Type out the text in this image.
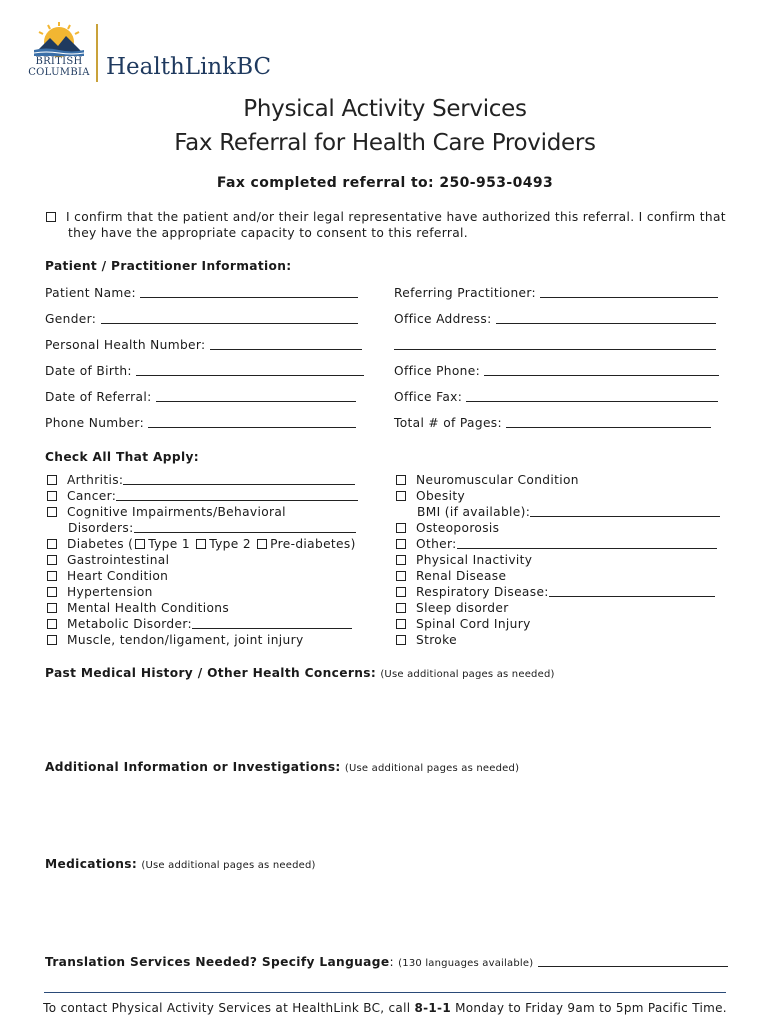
BRITISH
COLUMBIA HealthLinkBC
Physical Activity Services
Fax Referral for Health Care Providers
Fax completed referral to: 250-953-0493
I confirm that the patient and/or their legal representative have authorized this referral. I confirm that
they have the appropriate capacity to consent to this referral.
Patient / Practitioner Information:
Patient Name:
Gender:
Personal Health Number:
Date of Birth:
Date of Referral:
Phone Number:
Referring Practitioner:
Office Address:
Office Phone:
Office Fax:
Total # of Pages:
Check All That Apply:
Arthritis:
Cancer:
Cognitive Impairments/Behavioral
Disorders:
Diabetes ( Type 1 Type 2 Pre-diabetes)
Gastrointestinal
Heart Condition
Hypertension
Mental Health Conditions
Metabolic Disorder:
Muscle, tendon/ligament, joint injury
Neuromuscular Condition
Obesity
BMI (if available):
Osteoporosis
Other:
Physical Inactivity
Renal Disease
Respiratory Disease:
Sleep disorder
Spinal Cord Injury
Stroke
Past Medical History / Other Health Concerns: (Use additional pages as needed)
Additional Information or Investigations: (Use additional pages as needed)
Medications: (Use additional pages as needed)
Translation Services Needed? Specify Language: (130 languages available)
To contact Physical Activity Services at HealthLink BC, call 8-1-1 Monday to Friday 9am to 5pm Pacific Time.
